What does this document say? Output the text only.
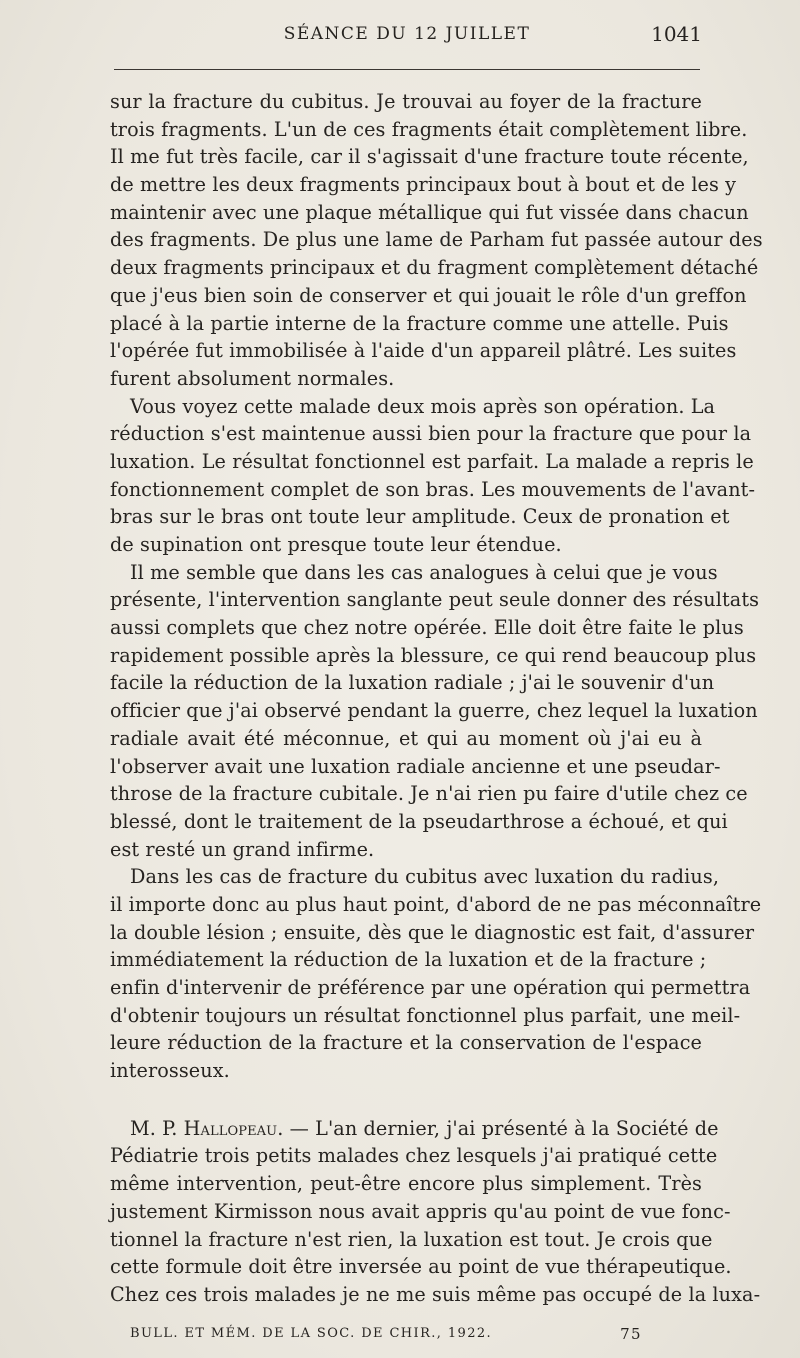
SÉANCE DU 12 JUILLET	1041
sur la fracture du cubitus. Je trouvai au foyer de la fracture
trois fragments. L'un de ces fragments était complètement libre.
Il me fut très facile, car il s'agissait d'une fracture toute récente,
de mettre les deux fragments principaux bout à bout et de les y
maintenir avec une plaque métallique qui fut vissée dans chacun
des fragments. De plus une lame de Parham fut passée autour des
deux fragments principaux et du fragment complètement détaché
que j'eus bien soin de conserver et qui jouait le rôle d'un greffon
placé à la partie interne de la fracture comme une attelle. Puis
l'opérée fut immobilisée à l'aide d'un appareil plâtré. Les suites
furent absolument normales.
Vous voyez cette malade deux mois après son opération. La
réduction s'est maintenue aussi bien pour la fracture que pour la
luxation. Le résultat fonctionnel est parfait. La malade a repris le
fonctionnement complet de son bras. Les mouvements de l'avant-
bras sur le bras ont toute leur amplitude. Ceux de pronation et
de supination ont presque toute leur étendue.
Il me semble que dans les cas analogues à celui que je vous
présente, l'intervention sanglante peut seule donner des résultats
aussi complets que chez notre opérée. Elle doit être faite le plus
rapidement possible après la blessure, ce qui rend beaucoup plus
facile la réduction de la luxation radiale ; j'ai le souvenir d'un
officier que j'ai observé pendant la guerre, chez lequel la luxation
radiale avait été méconnue, et qui au moment où j'ai eu à
l'observer avait une luxation radiale ancienne et une pseudar-
throse de la fracture cubitale. Je n'ai rien pu faire d'utile chez ce
blessé, dont le traitement de la pseudarthrose a échoué, et qui
est resté un grand infirme.
Dans les cas de fracture du cubitus avec luxation du radius,
il importe donc au plus haut point, d'abord de ne pas méconnaître
la double lésion ; ensuite, dès que le diagnostic est fait, d'assurer
immédiatement la réduction de la luxation et de la fracture ;
enfin d'intervenir de préférence par une opération qui permettra
d'obtenir toujours un résultat fonctionnel plus parfait, une meil-
leure réduction de la fracture et la conservation de l'espace
interosseux.
M. P. Hallopeau. — L'an dernier, j'ai présenté à la Société de
Pédiatrie trois petits malades chez lesquels j'ai pratiqué cette
même intervention, peut-être encore plus simplement. Très
justement Kirmisson nous avait appris qu'au point de vue fonc-
tionnel la fracture n'est rien, la luxation est tout. Je crois que
cette formule doit être inversée au point de vue thérapeutique.
Chez ces trois malades je ne me suis même pas occupé de la luxa-
BULL. ET MÉM. DE LA SOC. DE CHIR., 1922.	75
